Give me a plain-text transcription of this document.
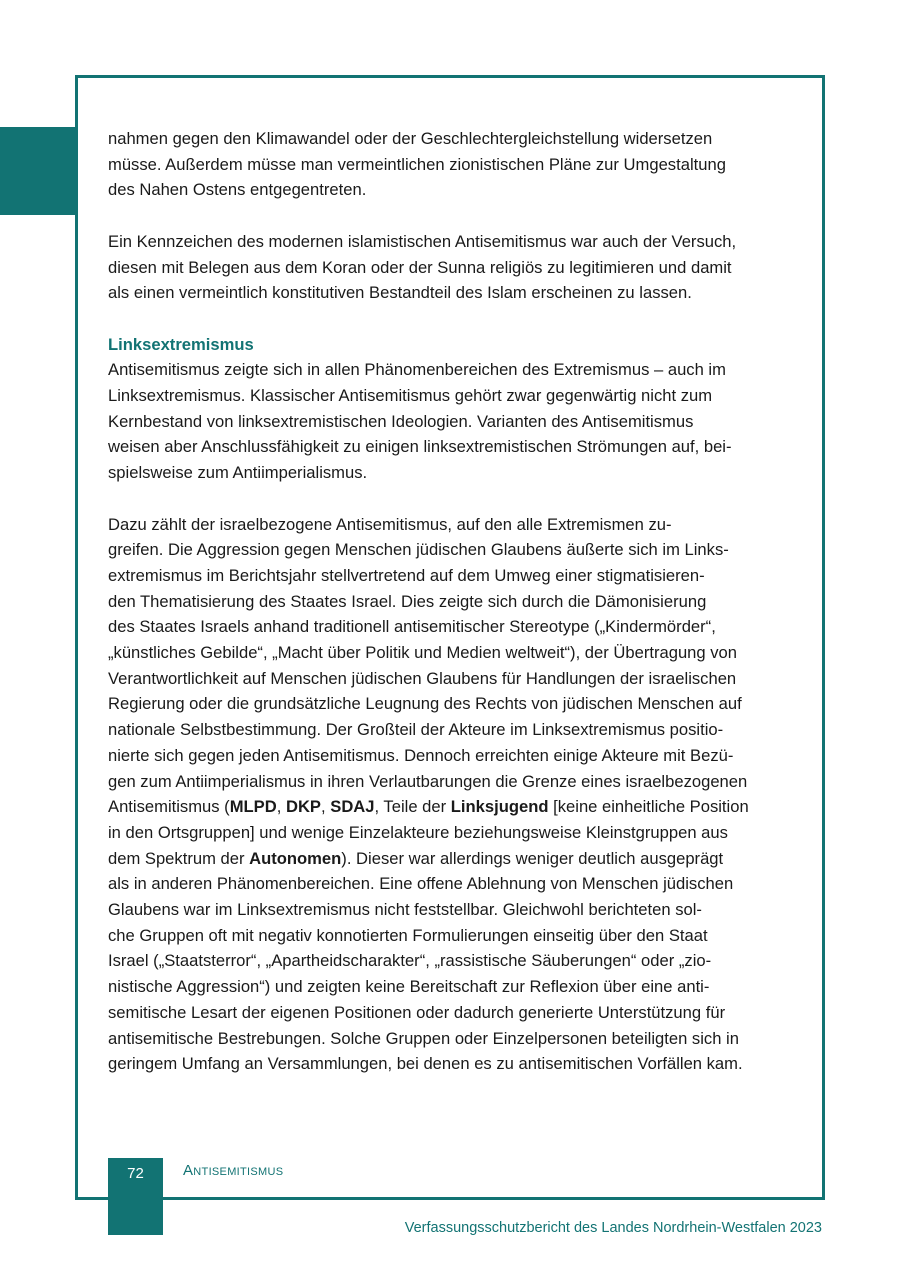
nahmen gegen den Klimawandel oder der Geschlechtergleichstellung widersetzen
müsse. Außerdem müsse man vermeintlichen zionistischen Pläne zur Umgestaltung
des Nahen Ostens entgegentreten.

Ein Kennzeichen des modernen islamistischen Antisemitismus war auch der Versuch,
diesen mit Belegen aus dem Koran oder der Sunna religiös zu legitimieren und damit
als einen vermeintlich konstitutiven Bestandteil des Islam erscheinen zu lassen.

Linksextremismus
Antisemitismus zeigte sich in allen Phänomenbereichen des Extremismus – auch im
Linksextremismus. Klassischer Antisemitismus gehört zwar gegenwärtig nicht zum
Kernbestand von linksextremistischen Ideologien. Varianten des Antisemitismus
weisen aber Anschlussfähigkeit zu einigen linksextremistischen Strömungen auf, bei-
spielsweise zum Antiimperialismus.

Dazu zählt der israelbezogene Antisemitismus, auf den alle Extremismen zu-
greifen. Die Aggression gegen Menschen jüdischen Glaubens äußerte sich im Links-
extremismus im Berichtsjahr stellvertretend auf dem Umweg einer stigmatisieren-
den Thematisierung des Staates Israel. Dies zeigte sich durch die Dämonisierung
des Staates Israels anhand traditionell antisemitischer Stereotype („Kindermörder“,
„künstliches Gebilde“, „Macht über Politik und Medien weltweit“), der Übertragung von
Verantwortlichkeit auf Menschen jüdischen Glaubens für Handlungen der israelischen
Regierung oder die grundsätzliche Leugnung des Rechts von jüdischen Menschen auf
nationale Selbstbestimmung. Der Großteil der Akteure im Linksextremismus positio-
nierte sich gegen jeden Antisemitismus. Dennoch erreichten einige Akteure mit Bezü-
gen zum Antiimperialismus in ihren Verlautbarungen die Grenze eines israelbezogenen
Antisemitismus (MLPD, DKP, SDAJ, Teile der Linksjugend [keine einheitliche Position
in den Ortsgruppen] und wenige Einzelakteure beziehungsweise Kleinstgruppen aus
dem Spektrum der Autonomen). Dieser war allerdings weniger deutlich ausgeprägt
als in anderen Phänomenbereichen. Eine offene Ablehnung von Menschen jüdischen
Glaubens war im Linksextremismus nicht feststellbar. Gleichwohl berichteten sol-
che Gruppen oft mit negativ konnotierten Formulierungen einseitig über den Staat
Israel („Staatsterror“, „Apartheidscharakter“, „rassistische Säuberungen“ oder „zio-
nistische Aggression“) und zeigten keine Bereitschaft zur Reflexion über eine anti-
semitische Lesart der eigenen Positionen oder dadurch generierte Unterstützung für
antisemitische Bestrebungen. Solche Gruppen oder Einzelpersonen beteiligten sich in
geringem Umfang an Versammlungen, bei denen es zu antisemitischen Vorfällen kam.

72	Antisemitismus
Verfassungsschutzbericht des Landes Nordrhein-Westfalen 2023
